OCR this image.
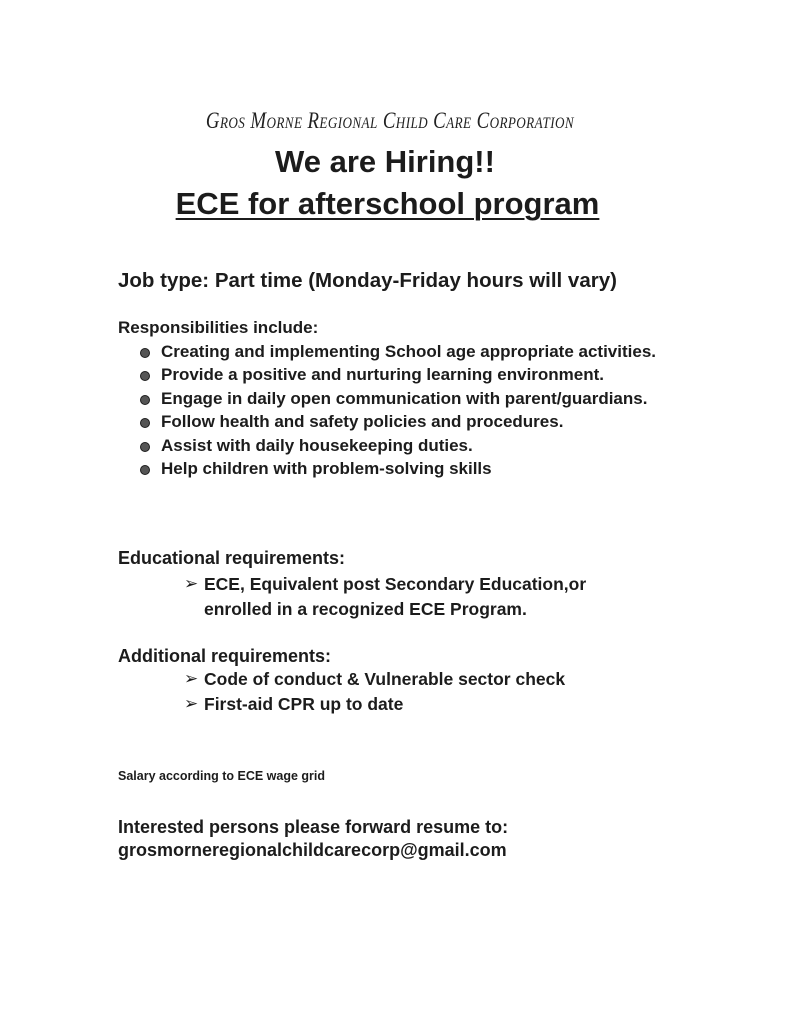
Gros Morne Regional Child Care Corporation
We are Hiring!!
ECE for afterschool program
Job type: Part time (Monday-Friday hours will vary)
Responsibilities include:
Creating and implementing School age appropriate activities.
Provide a positive and nurturing learning environment.
Engage in daily open communication with parent/guardians.
Follow health and safety policies and procedures.
Assist with daily housekeeping duties.
Help children with problem-solving skills
Educational requirements:
➢ ECE, Equivalent post Secondary Education,or enrolled in a recognized ECE Program.
Additional requirements:
➢ Code of conduct & Vulnerable sector check
➢ First-aid CPR up to date
Salary according to ECE wage grid
Interested persons please forward resume to:
grosmorneregionalchildcarecorp@gmail.com
